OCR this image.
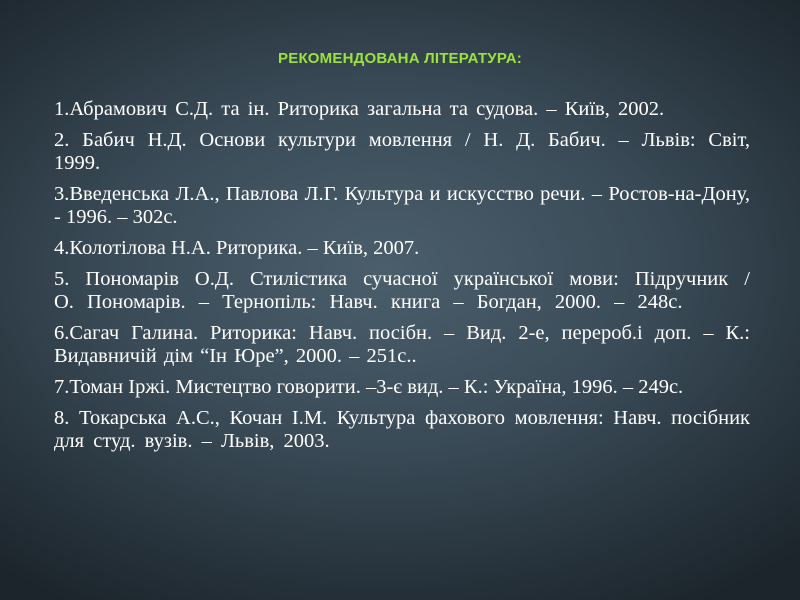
РЕКОМЕНДОВАНА ЛІТЕРАТУРА:
1.Абрамович С.Д. та ін. Риторика загальна та судова. – Київ, 2002.
2. Бабич Н.Д. Основи культури мовлення / Н. Д. Бабич. – Львів: Світ, 1999.
3.Введенська Л.А., Павлова Л.Г. Культура и искусство речи. – Ростов-на-Дону, - 1996. – 302с.
4.Колотілова Н.А. Риторика. – Київ, 2007.
5. Пономарів О.Д. Стилістика сучасної української мови: Підручник / О. Пономарів. – Тернопіль: Навч. книга – Богдан, 2000. – 248с.
6.Сагач Галина. Риторика: Навч. посібн. – Вид. 2-е, перероб.і доп. – К.: Видавничій дім “Ін Юре”, 2000. – 251с..
7.Томан Іржі. Мистецтво говорити. –3-є вид. – К.: Україна, 1996. – 249с.
8. Токарська А.С., Кочан І.М. Культура фахового мовлення: Навч. посібник для студ. вузів. – Львів, 2003.
